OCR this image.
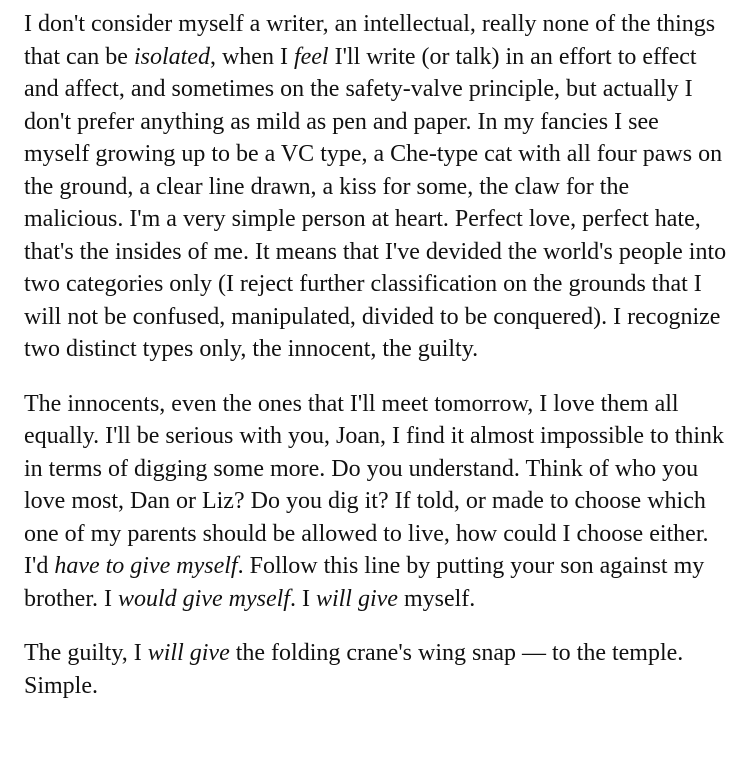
I don't consider myself a writer, an intellectual, really none of the things that can be isolated, when I feel I'll write (or talk) in an effort to effect and affect, and sometimes on the safety-valve principle, but actually I don't prefer anything as mild as pen and paper. In my fancies I see myself growing up to be a VC type, a Che-type cat with all four paws on the ground, a clear line drawn, a kiss for some, the claw for the malicious. I'm a very simple person at heart. Perfect love, perfect hate, that's the insides of me. It means that I've devided the world's people into two categories only (I reject further classification on the grounds that I will not be confused, manipulated, divided to be conquered). I recognize two distinct types only, the innocent, the guilty.

The innocents, even the ones that I'll meet tomorrow, I love them all equally. I'll be serious with you, Joan, I find it almost impossible to think in terms of digging some more. Do you understand. Think of who you love most, Dan or Liz? Do you dig it? If told, or made to choose which one of my parents should be allowed to live, how could I choose either. I'd have to give myself. Follow this line by putting your son against my brother. I would give myself. I will give myself.

The guilty, I will give the folding crane's wing snap — to the temple. Simple.
